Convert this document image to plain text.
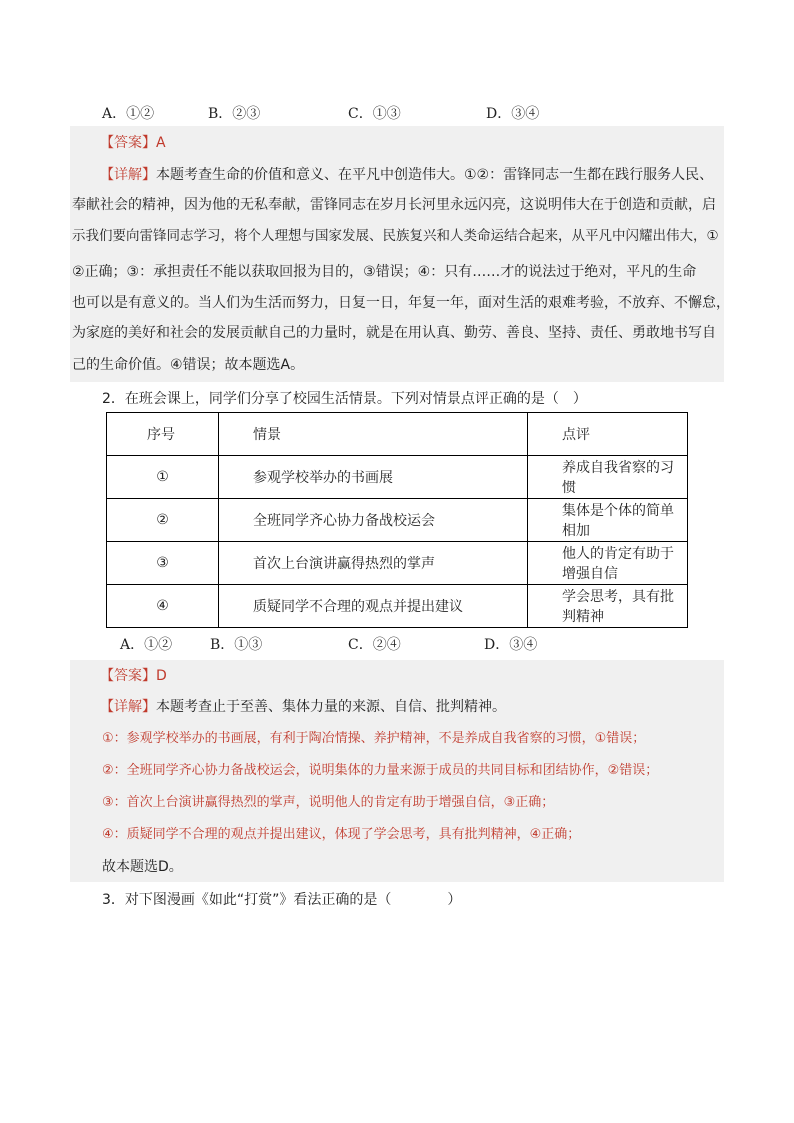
A．①②	B．②③	C．①③	D．③④
【答案】A
【详解】本题考查生命的价值和意义、在平凡中创造伟大。①②：雷锋同志一生都在践行服务人民、
奉献社会的精神，因为他的无私奉献，雷锋同志在岁月长河里永远闪亮，这说明伟大在于创造和贡献，启
示我们要向雷锋同志学习，将个人理想与国家发展、民族复兴和人类命运结合起来，从平凡中闪耀出伟大，①
②正确；③：承担责任不能以获取回报为目的，③错误；④：只有……才的说法过于绝对，平凡的生命
也可以是有意义的。当人们为生活而努力，日复一日，年复一年，面对生活的艰难考验，不放弃、不懈怠，
为家庭的美好和社会的发展贡献自己的力量时，就是在用认真、勤劳、善良、坚持、责任、勇敢地书写自
己的生命价值。④错误；故本题选A。
2．在班会课上，同学们分享了校园生活情景。下列对情景点评正确的是（　）
序号	情景	点评
①	参观学校举办的书画展	养成自我省察的习惯
②	全班同学齐心协力备战校运会	集体是个体的简单相加
③	首次上台演讲赢得热烈的掌声	他人的肯定有助于增强自信
④	质疑同学不合理的观点并提出建议	学会思考，具有批判精神
A．①②	B．①③	C．②④	D．③④
【答案】D
【详解】本题考查止于至善、集体力量的来源、自信、批判精神。
①：参观学校举办的书画展，有利于陶冶情操、养护精神，不是养成自我省察的习惯，①错误；
②：全班同学齐心协力备战校运会，说明集体的力量来源于成员的共同目标和团结协作，②错误；
③：首次上台演讲赢得热烈的掌声，说明他人的肯定有助于增强自信，③正确；
④：质疑同学不合理的观点并提出建议，体现了学会思考，具有批判精神，④正确；
故本题选D。
3．对下图漫画《如此“打赏”》看法正确的是（　　　　）
